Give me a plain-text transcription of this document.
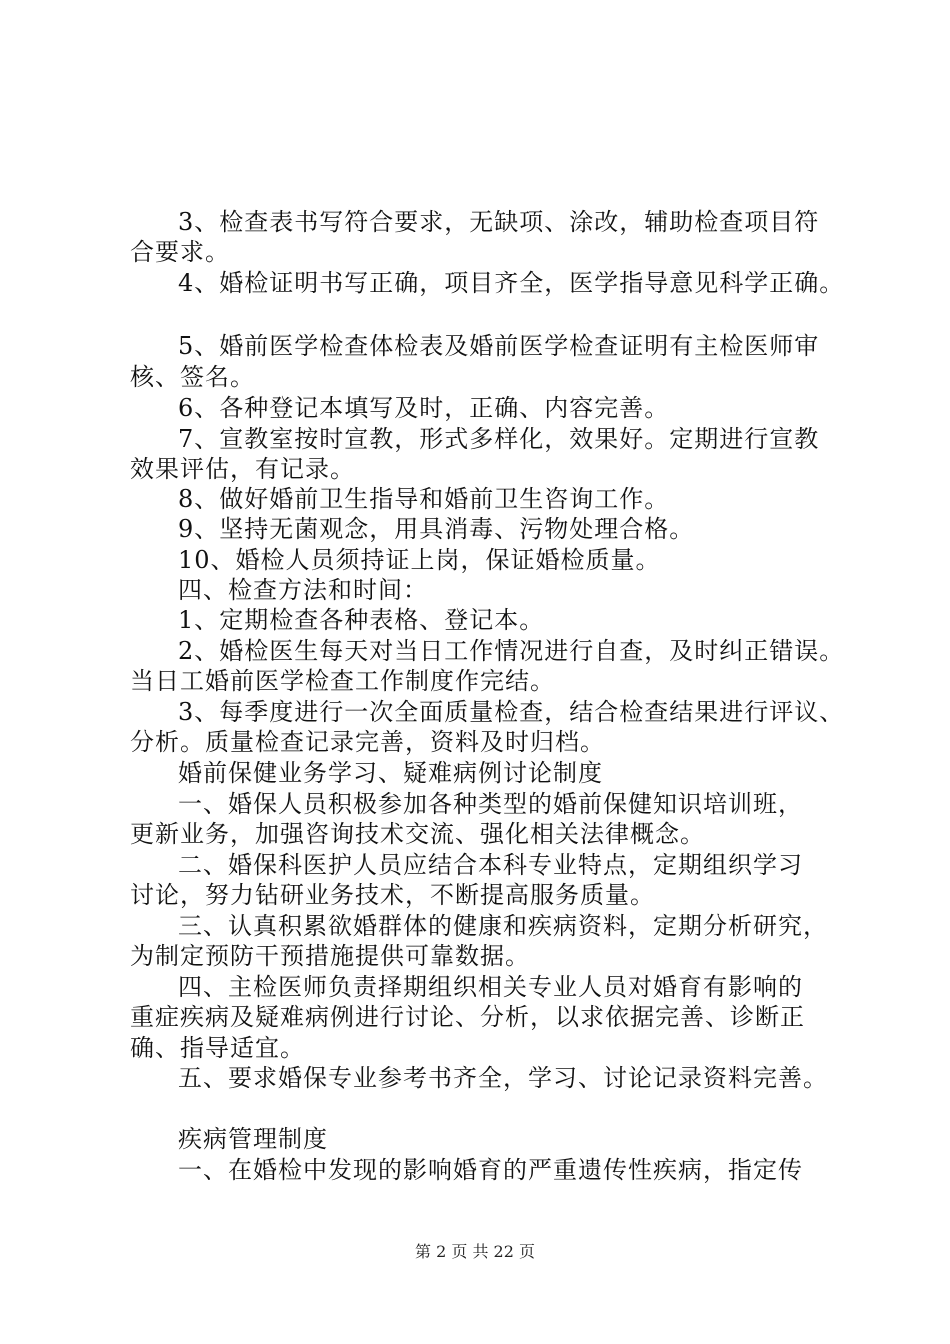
3、检查表书写符合要求，无缺项、涂改，辅助检查项目符
合要求。
4、婚检证明书写正确，项目齐全，医学指导意见科学正确。
5、婚前医学检查体检表及婚前医学检查证明有主检医师审
核、签名。
6、各种登记本填写及时，正确、内容完善。
7、宣教室按时宣教，形式多样化，效果好。定期进行宣教
效果评估，有记录。
8、做好婚前卫生指导和婚前卫生咨询工作。
9、坚持无菌观念，用具消毒、污物处理合格。
10、婚检人员须持证上岗，保证婚检质量。
四、检查方法和时间：
1、定期检查各种表格、登记本。
2、婚检医生每天对当日工作情况进行自查，及时纠正错误。
当日工婚前医学检查工作制度作完结。
3、每季度进行一次全面质量检查，结合检查结果进行评议、
分析。质量检查记录完善，资料及时归档。
婚前保健业务学习、疑难病例讨论制度
一、婚保人员积极参加各种类型的婚前保健知识培训班，
更新业务，加强咨询技术交流、强化相关法律概念。
二、婚保科医护人员应结合本科专业特点，定期组织学习
讨论，努力钻研业务技术，不断提高服务质量。
三、认真积累欲婚群体的健康和疾病资料，定期分析研究，
为制定预防干预措施提供可靠数据。
四、主检医师负责择期组织相关专业人员对婚育有影响的
重症疾病及疑难病例进行讨论、分析，以求依据完善、诊断正
确、指导适宜。
五、要求婚保专业参考书齐全，学习、讨论记录资料完善。
疾病管理制度
一、在婚检中发现的影响婚育的严重遗传性疾病，指定传
第 2 页 共 22 页
